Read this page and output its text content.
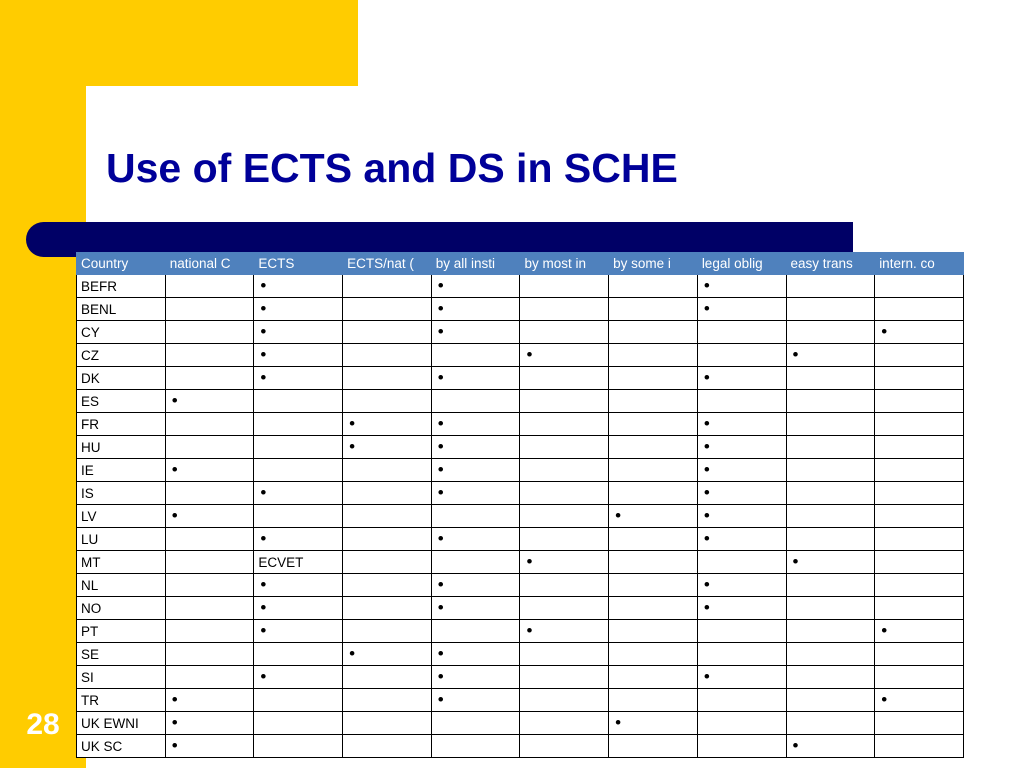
Use of ECTS and DS in SCHE
Country	national C	ECTS	ECTS/nat (	by all insti	by most in	by some i	legal oblig	easy trans	intern. co
BEFR		•		•			•		
BENL		•		•			•		
CY		•		•					•
CZ		•			•			•	
DK		•		•			•		
ES	•								
FR			•	•			•		
HU			•	•			•		
IE	•			•			•		
IS		•		•			•		
LV	•					•	•		
LU		•		•			•		
MT		ECVET			•			•	
NL		•		•			•		
NO		•		•			•		
PT		•			•				•
SE			•	•					
SI		•		•			•		
TR	•			•					•
UK EWNI	•					•			
UK SC	•							•	
28
